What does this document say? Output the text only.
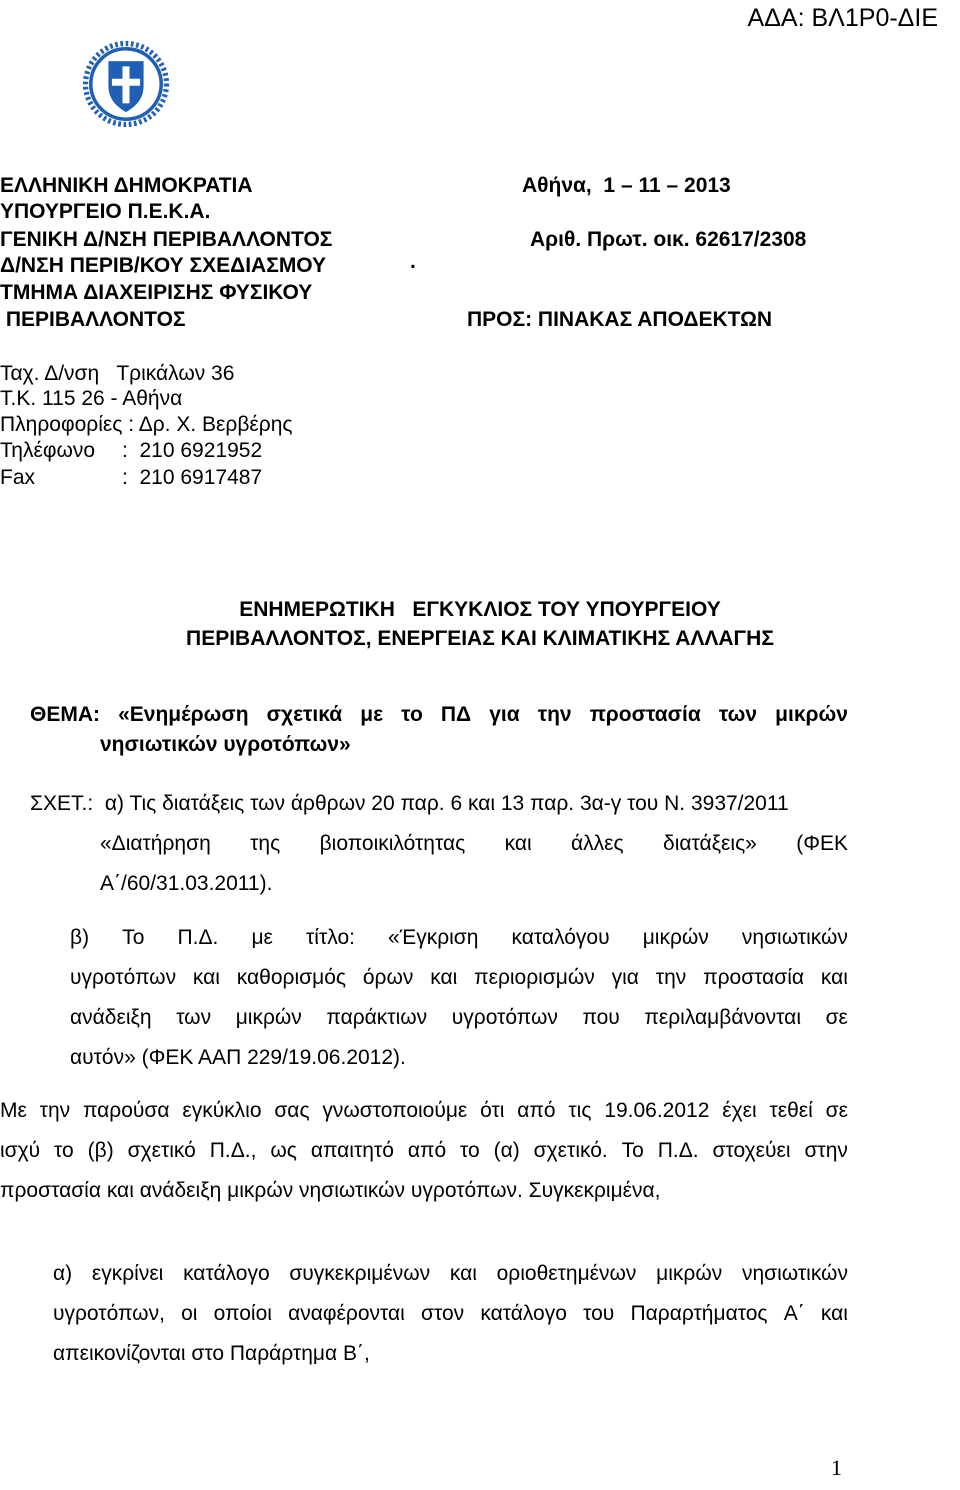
ΑΔΑ: ΒΛ1Ρ0-ΔΙΕ
ΕΛΛΗΝΙΚΗ ΔΗΜΟΚΡΑΤΙΑ
ΥΠΟΥΡΓΕΙΟ Π.Ε.Κ.Α.
ΓΕΝΙΚΗ Δ/ΝΣΗ ΠΕΡΙΒΑΛΛΟΝΤΟΣ
Δ/ΝΣΗ ΠΕΡΙΒ/ΚΟΥ ΣΧΕΔΙΑΣΜΟΥ
ΤΜΗΜΑ ΔΙΑΧΕΙΡΙΣΗΣ ΦΥΣΙΚΟΥ
ΠΕΡΙΒΑΛΛΟΝΤΟΣ
Αθήνα,  1 – 11 – 2013
Αριθ. Πρωτ. οικ. 62617/2308
.
ΠΡΟΣ: ΠΙΝΑΚΑΣ ΑΠΟΔΕΚΤΩΝ
Ταχ. Δ/νση   Τρικάλων 36
Τ.Κ. 115 26 - Αθήνα
Πληροφορίες : Δρ. Χ. Βερβέρης
Τηλέφωνο :  210 6921952
Fax	:  210 6917487
ΕΝΗΜΕΡΩΤΙΚΗ   ΕΓΚΥΚΛΙΟΣ ΤΟΥ ΥΠΟΥΡΓΕΙΟΥ
ΠΕΡΙΒΑΛΛΟΝΤΟΣ, ΕΝΕΡΓΕΙΑΣ ΚΑΙ ΚΛΙΜΑΤΙΚΗΣ ΑΛΛΑΓΗΣ
ΘΕΜΑ: «Ενημέρωση σχετικά με το ΠΔ για την προστασία των μικρών
νησιωτικών υγροτόπων»
ΣΧΕΤ.:  α) Τις διατάξεις των άρθρων 20 παρ. 6 και 13 παρ. 3α-γ του Ν. 3937/2011
«Διατήρηση της βιοποικιλότητας και άλλες διατάξεις» (ΦΕΚ
Α΄/60/31.03.2011).
β) Το Π.Δ. με τίτλο: «Έγκριση καταλόγου μικρών νησιωτικών
υγροτόπων και καθορισμός όρων και περιορισμών για την προστασία και
ανάδειξη των μικρών παράκτιων υγροτόπων που περιλαμβάνονται σε
αυτόν» (ΦΕΚ ΑΑΠ 229/19.06.2012).
Με την παρούσα εγκύκλιο σας γνωστοποιούμε ότι από τις 19.06.2012 έχει τεθεί σε
ισχύ το (β) σχετικό Π.Δ., ως απαιτητό από το (α) σχετικό. Το Π.Δ. στοχεύει στην
προστασία και ανάδειξη μικρών νησιωτικών υγροτόπων. Συγκεκριμένα,
α) εγκρίνει κατάλογο συγκεκριμένων και οριοθετημένων μικρών νησιωτικών
υγροτόπων, οι οποίοι αναφέρονται στον κατάλογο του Παραρτήματος Α΄ και
απεικονίζονται στο Παράρτημα Β΄,
1
